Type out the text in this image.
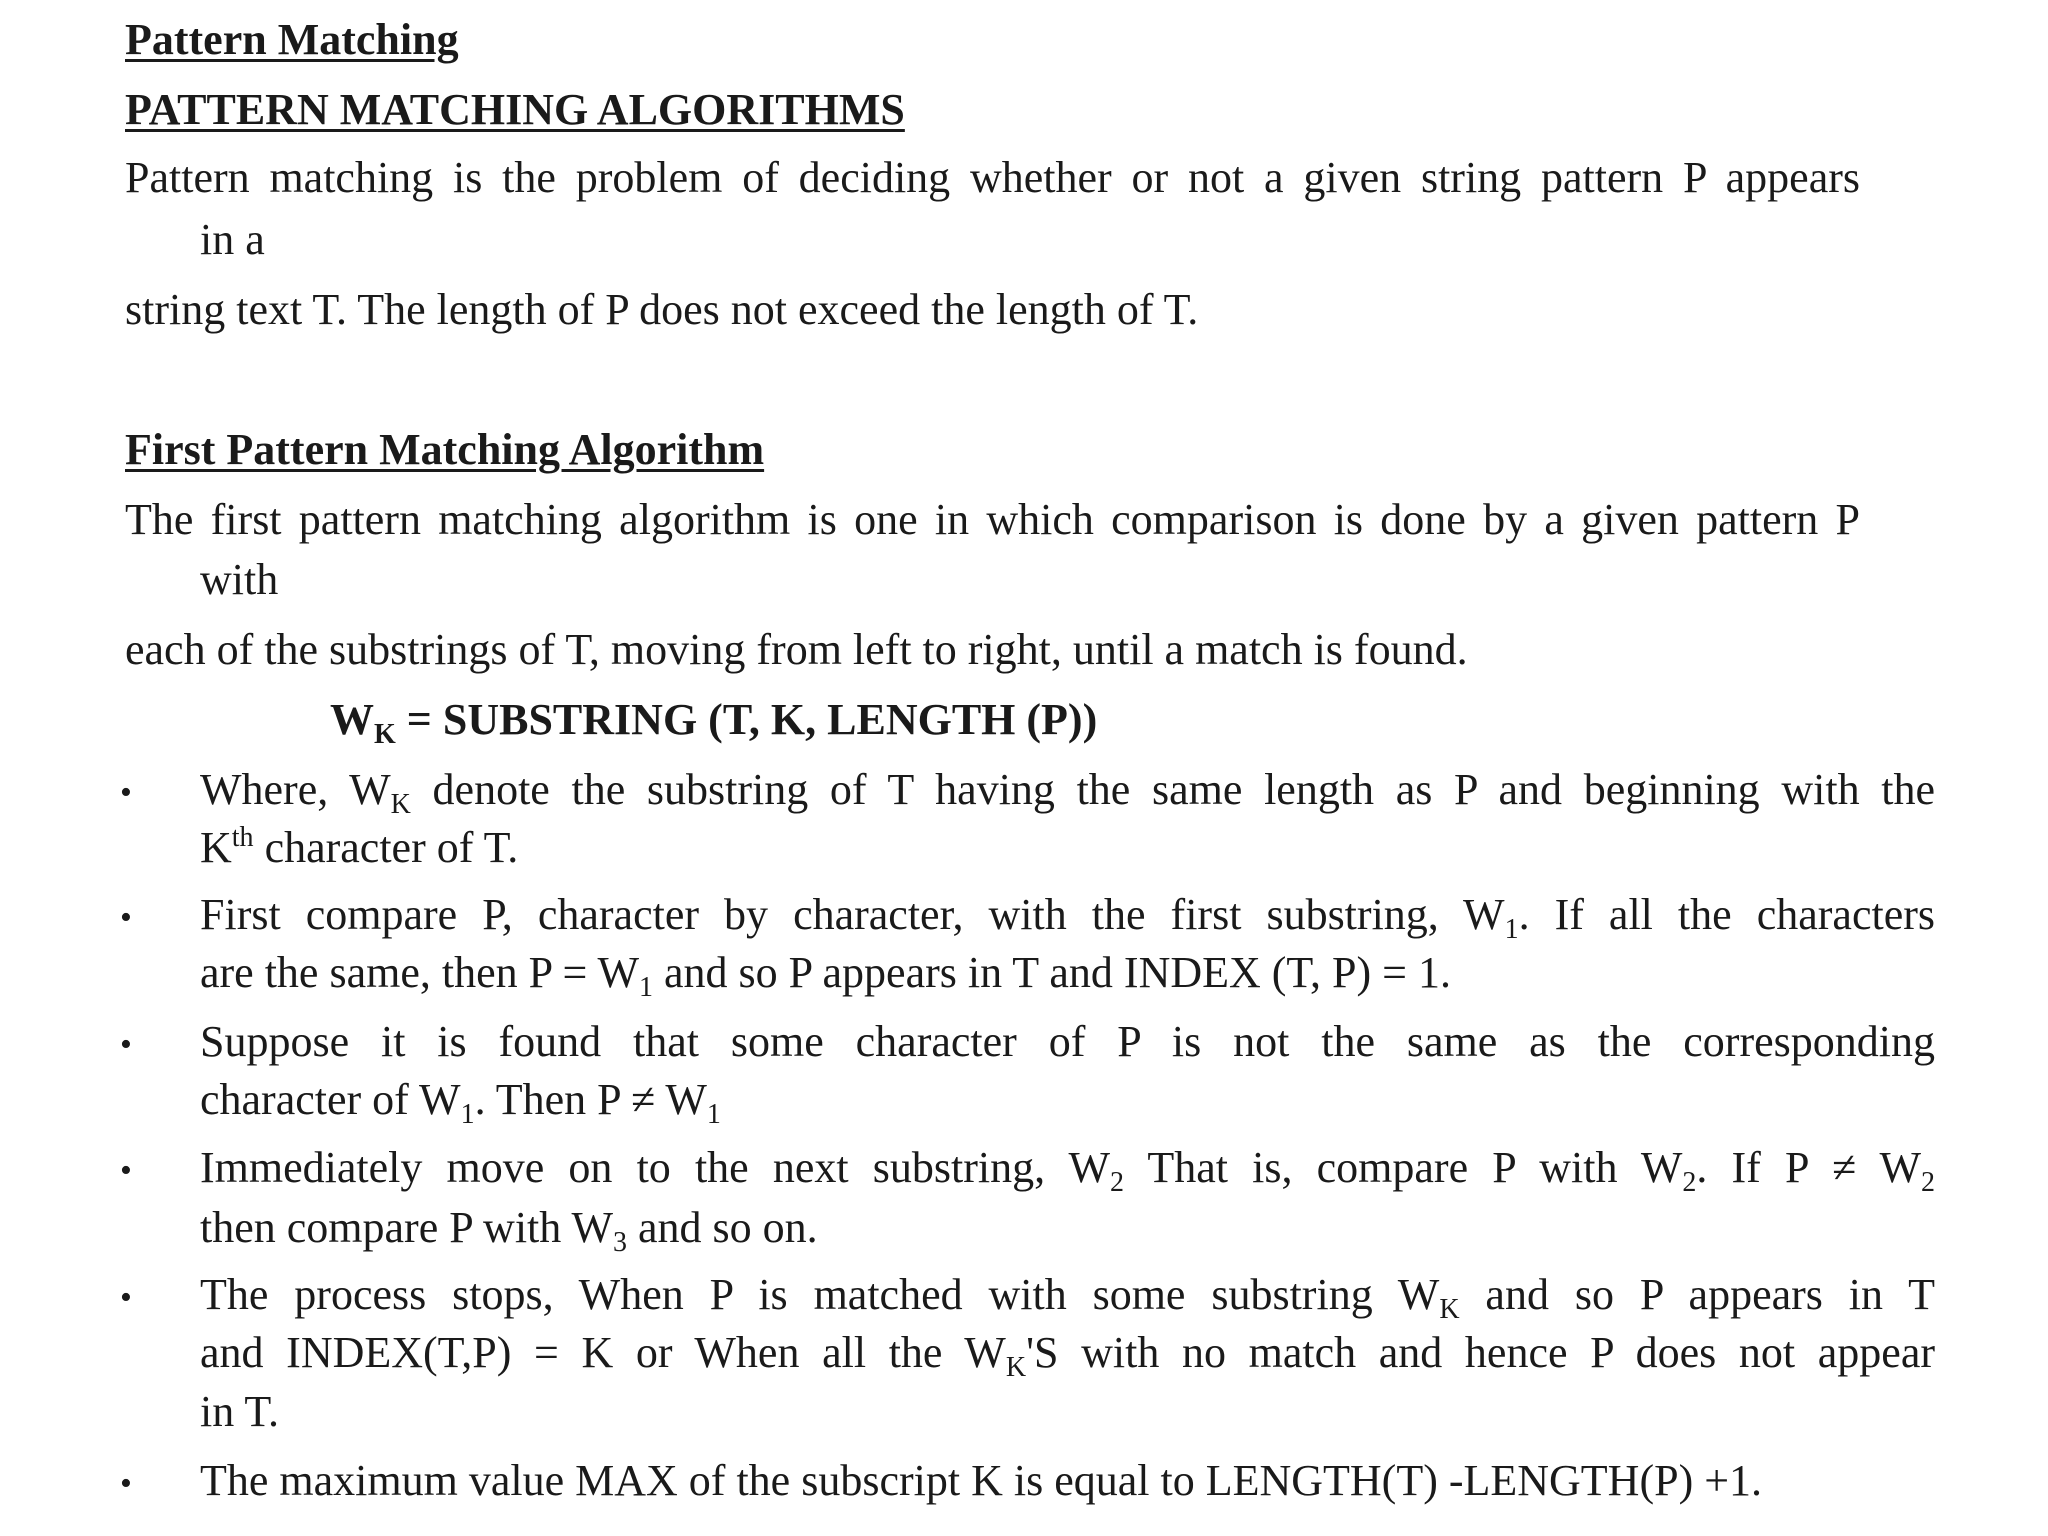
Pattern Matching
PATTERN MATCHING ALGORITHMS
Pattern matching is the problem of deciding whether or not a given string pattern P appears
in a
string text T. The length of P does not exceed the length of T.
First Pattern Matching Algorithm
The first pattern matching algorithm is one in which comparison is done by a given pattern P
with
each of the substrings of T, moving from left to right, until a match is found.
$W_K$ = SUBSTRING (T, K, LENGTH (P))
• Where, $W_K$ denote the substring of T having the same length as P and beginning with the
$K^{th}$ character of T.
• First compare P, character by character, with the first substring, $W_1$. If all the characters
are the same, then $P = W_1$ and so P appears in T and INDEX (T, P) = 1.
• Suppose it is found that some character of P is not the same as the corresponding
character of $W_1$. Then $P \ne W_1$
• Immediately move on to the next substring, $W_2$ That is, compare P with $W_2$. If $P \ne W_2$
then compare P with $W_3$ and so on.
• The process stops, When P is matched with some substring $W_K$ and so P appears in T
and INDEX(T,P) = K or When all the $W_K'S$ with no match and hence P does not appear
in T.
• The maximum value MAX of the subscript K is equal to LENGTH(T) -LENGTH(P) +1.
